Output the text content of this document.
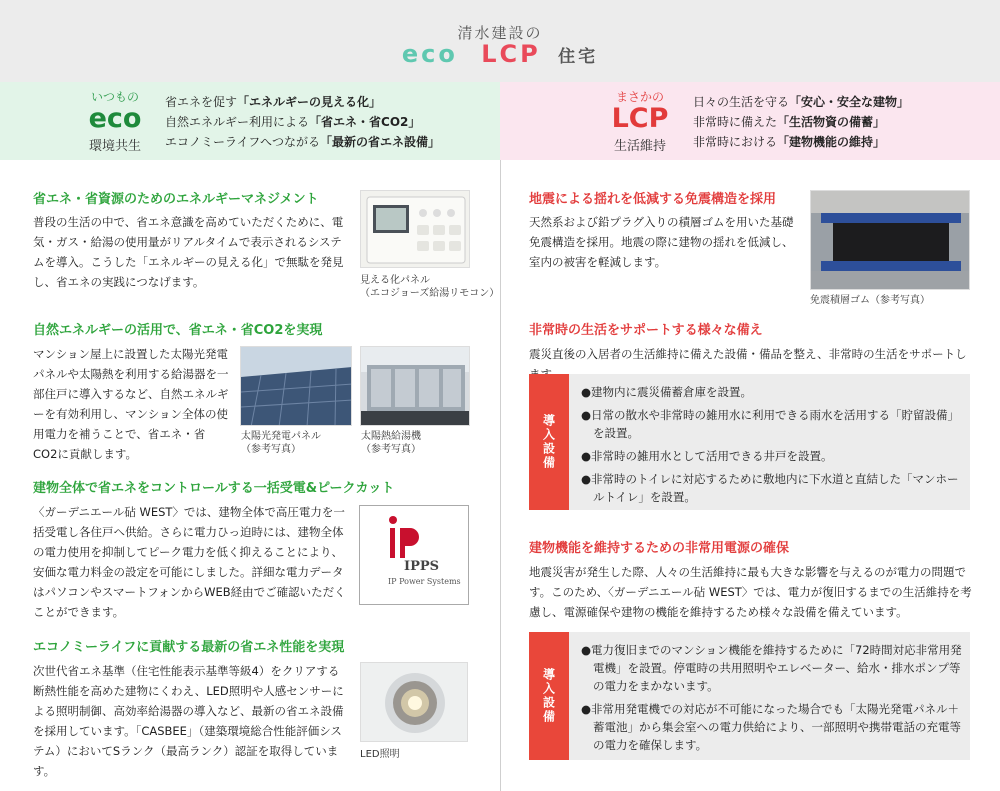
清水建設の
eco LCP 住宅
いつもの
eco
環境共生
省エネを促す「エネルギーの見える化」
自然エネルギー利用による「省エネ・省CO2」
エコノミーライフへつながる「最新の省エネ設備」
まさかの
LCP
生活維持
日々の生活を守る「安心・安全な建物」
非常時に備えた「生活物資の備蓄」
非常時における「建物機能の維持」
省エネ・省資源のためのエネルギーマネジメント
普段の生活の中で、省エネ意識を高めていただくために、電気・ガス・給湯の使用量がリアルタイムで表示されるシステムを導入。こうした「エネルギーの見える化」で無駄を発見し、省エネの実践につなげます。	見える化パネル
（エコジョーズ給湯リモコン）
自然エネルギーの活用で、省エネ・省CO2を実現
マンション屋上に設置した太陽光発電パネルや太陽熱を利用する給湯器を一部住戸に導入するなど、自然エネルギーを有効利用し、マンション全体の使用電力を補うことで、省エネ・省CO2に貢献します。
太陽光発電パネル
（参考写真）
太陽熱給湯機
（参考写真）
建物全体で省エネをコントロールする一括受電&ピークカット
〈ガーデニエール砧 WEST〉では、建物全体で高圧電力を一括受電し各住戸へ供給。さらに電力ひっ迫時には、建物全体の電力使用を抑制してピーク電力を低く抑えることにより、安価な電力料金の設定を可能にしました。詳細な電力データはパソコンやスマートフォンからWEB経由でご確認いただくことができます。
IPPS
IP Power Systems
エコノミーライフに貢献する最新の省エネ性能を実現
次世代省エネ基準（住宅性能表示基準等級4）をクリアする断熱性能を高めた建物にくわえ、LED照明や人感センサーによる照明制御、高効率給湯器の導入など、最新の省エネ設備を採用しています。「CASBEE」（建築環境総合性能評価システム）においてSランク（最高ランク）認証を取得しています。
LED照明
地震による揺れを低減する免震構造を採用
天然系および鉛プラグ入りの積層ゴムを用いた基礎免震構造を採用。地震の際に建物の揺れを低減し、室内の被害を軽減します。
免震積層ゴム（参考写真）
非常時の生活をサポートする様々な備え
震災直後の入居者の生活維持に備えた設備・備品を整え、非常時の生活をサポートし
導入設備
●建物内に震災備蓄倉庫を設置。
●日常の散水や非常時の雑用水に利用できる雨水を活用する「貯留設備」を設置。
●非常時の雑用水として活用できる井戸を設置。
●非常時のトイレに対応するために敷地内に下水道と直結した「マンホールトイレ」を設置。
建物機能を維持するための非常用電源の確保
地震災害が発生した際、人々の生活維持に最も大きな影響を与えるのが電力の問題です。このため、〈ガーデニエール砧 WEST〉では、電力が復旧するまでの生活維持を考慮し、電源確保や建物の機能を維持するため様々な設備を備えています。
導入設備
●電力復旧までのマンション機能を維持するために「72時間対応非常用発電機」を設置。停電時の共用照明やエレベーター、給水・排水ポンプ等の電力をまかないます。
●非常用発電機での対応が不可能になった場合でも「太陽光発電パネル＋蓄電池」から集会室への電力供給により、一部照明や携帯電話の充電等の電力を確保します。
